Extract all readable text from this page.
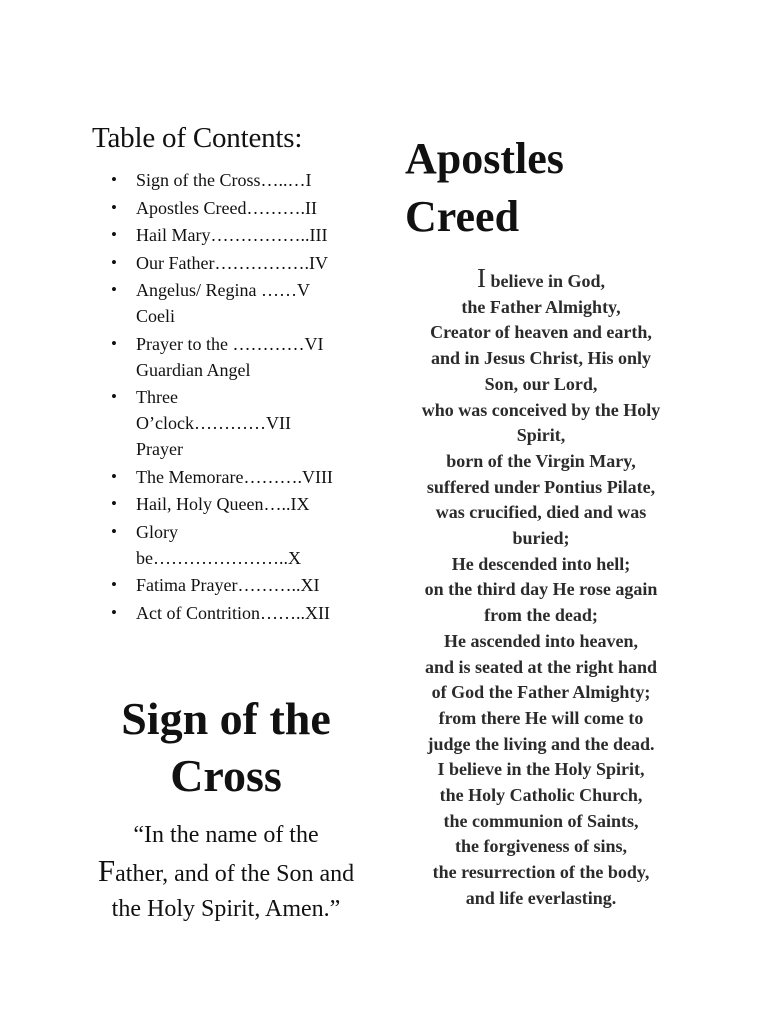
Table of Contents:
• Sign of the Cross…..…I
• Apostles Creed……….II
• Hail Mary……………..III
• Our Father…………….IV
• Angelus/ Regina ……V
Coeli
• Prayer to the …………VI
Guardian Angel
• Three
O’clock…………VII
Prayer
• The Memorare……….VIII
• Hail, Holy Queen…..IX
• Glory
be…………………..X
• Fatima Prayer………..XI
• Act of Contrition……..XII
Sign of the
Cross
“In the name of the
Father, and of the Son and
the Holy Spirit, Amen.”
Apostles
Creed
I believe in God,
the Father Almighty,
Creator of heaven and earth,
and in Jesus Christ, His only
Son, our Lord,
who was conceived by the Holy
Spirit,
born of the Virgin Mary,
suffered under Pontius Pilate,
was crucified, died and was
buried;
He descended into hell;
on the third day He rose again
from the dead;
He ascended into heaven,
and is seated at the right hand
of God the Father Almighty;
from there He will come to
judge the living and the dead.
I believe in the Holy Spirit,
the Holy Catholic Church,
the communion of Saints,
the forgiveness of sins,
the resurrection of the body,
and life everlasting.
